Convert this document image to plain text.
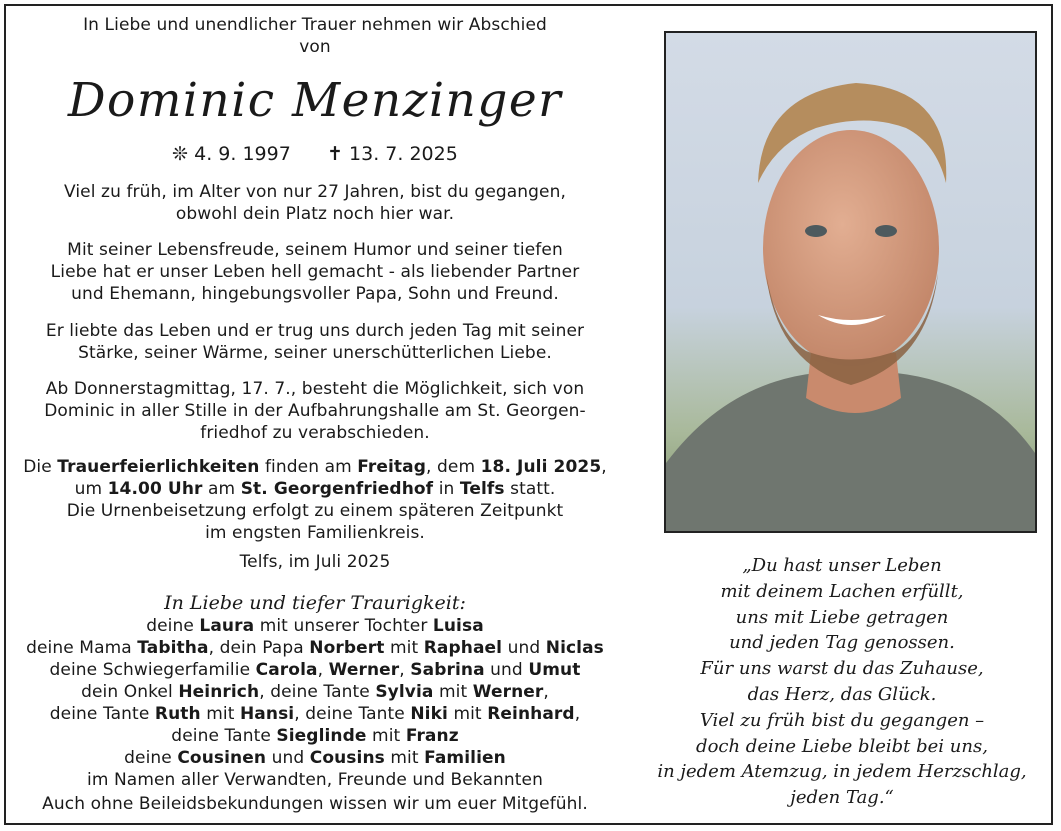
In Liebe und unendlicher Trauer nehmen wir Abschied

von

Dominic Menzinger
❊ 4. 9. 1997 ✝ 13. 7. 2025

Viel zu früh, im Alter von nur 27 Jahren, bist du gegangen,

obwohl dein Platz noch hier war.

Mit seiner Lebensfreude, seinem Humor und seiner tiefen

Liebe hat er unser Leben hell gemacht - als liebender Partner

und Ehemann, hingebungsvoller Papa, Sohn und Freund.

Er liebte das Leben und er trug uns durch jeden Tag mit seiner

Stärke, seiner Wärme, seiner unerschütterlichen Liebe.

Ab Donnerstagmittag, 17. 7., besteht die Möglichkeit, sich von

Dominic in aller Stille in der Aufbahrungshalle am St. Georgen-

friedhof zu verabschieden.

Die Trauerfeierlichkeiten finden am Freitag, dem 18. Juli 2025,

um 14.00 Uhr am St. Georgenfriedhof in Telfs statt.

Die Urnenbeisetzung erfolgt zu einem späteren Zeitpunkt

im engsten Familienkreis.

Telfs, im Juli 2025

In Liebe und tiefer Traurigkeit:

deine Laura mit unserer Tochter Luisa

deine Mama Tabitha, dein Papa Norbert mit Raphael und Niclas

deine Schwiegerfamilie Carola, Werner, Sabrina und Umut

dein Onkel Heinrich, deine Tante Sylvia mit Werner,

deine Tante Ruth mit Hansi, deine Tante Niki mit Reinhard,

deine Tante Sieglinde mit Franz

deine Cousinen und Cousins mit Familien

im Namen aller Verwandten, Freunde und Bekannten

Auch ohne Beileidsbekundungen wissen wir um euer Mitgefühl.

„Du hast unser Leben
mit deinem Lachen erfüllt,
uns mit Liebe getragen
und jeden Tag genossen.
Für uns warst du das Zuhause,
das Herz, das Glück.
Viel zu früh bist du gegangen –
doch deine Liebe bleibt bei uns,
in jedem Atemzug, in jedem Herzschlag,
jeden Tag.“
